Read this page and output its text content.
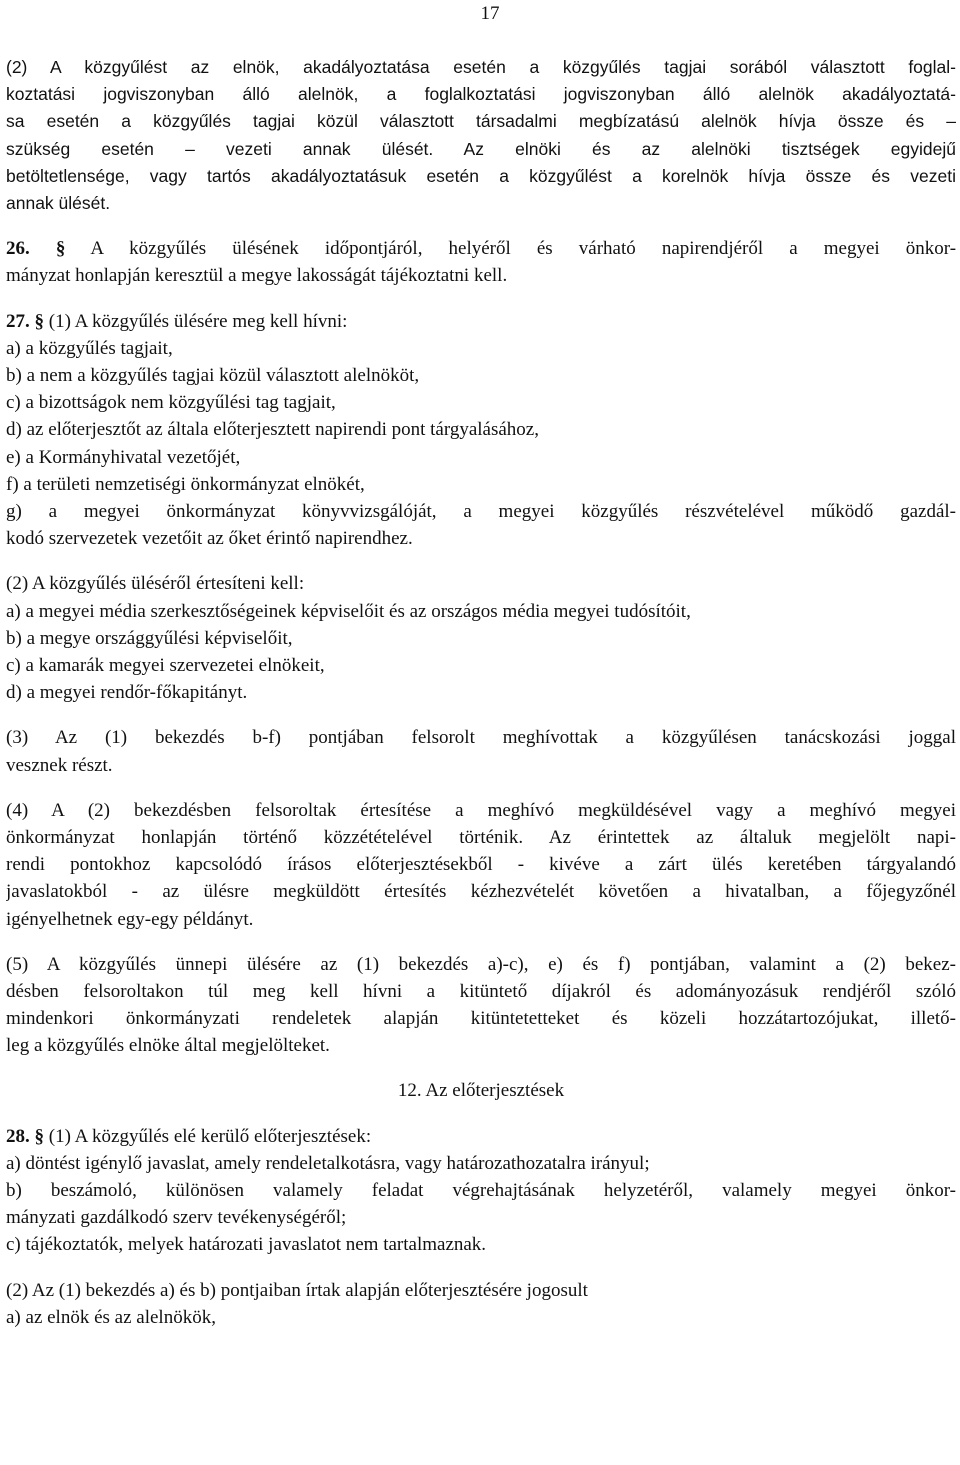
17
(2) A közgyűlést az elnök, akadályoztatása esetén a közgyűlés tagjai sorából választott foglal-
koztatási jogviszonyban álló alelnök, a foglalkoztatási jogviszonyban álló alelnök akadályoztatá-
sa esetén a közgyűlés tagjai közül választott társadalmi megbízatású alelnök hívja össze és –
szükség esetén – vezeti annak ülését. Az elnöki és az alelnöki tisztségek egyidejű
betöltetlensége, vagy tartós akadályoztatásuk esetén a közgyűlést a korelnök hívja össze és vezeti
annak ülését.
26. § A közgyűlés ülésének időpontjáról, helyéről és várható napirendjéről a megyei önkor-
mányzat honlapján keresztül a megye lakosságát tájékoztatni kell.
27. § (1) A közgyűlés ülésére meg kell hívni:
a) a közgyűlés tagjait,
b) a nem a közgyűlés tagjai közül választott alelnököt,
c) a bizottságok nem közgyűlési tag tagjait,
d) az előterjesztőt az általa előterjesztett napirendi pont tárgyalásához,
e) a Kormányhivatal vezetőjét,
f) a területi nemzetiségi önkormányzat elnökét,
g) a megyei önkormányzat könyvvizsgálóját, a megyei közgyűlés részvételével működő gazdál-
kodó szervezetek vezetőit az őket érintő napirendhez.
(2) A közgyűlés üléséről értesíteni kell:
a) a megyei média szerkesztőségeinek képviselőit és az országos média megyei tudósítóit,
b) a megye országgyűlési képviselőit,
c) a kamarák megyei szervezetei elnökeit,
d) a megyei rendőr-főkapitányt.
(3) Az (1) bekezdés b-f) pontjában felsorolt meghívottak a közgyűlésen tanácskozási joggal
vesznek részt.
(4) A (2) bekezdésben felsoroltak értesítése a meghívó megküldésével vagy a meghívó megyei
önkormányzat honlapján történő közzétételével történik. Az érintettek az általuk megjelölt napi-
rendi pontokhoz kapcsolódó írásos előterjesztésekből - kivéve a zárt ülés keretében tárgyalandó
javaslatokból - az ülésre megküldött értesítés kézhezvételét követően a hivatalban, a főjegyzőnél
igényelhetnek egy-egy példányt.
(5) A közgyűlés ünnepi ülésére az (1) bekezdés a)-c), e) és f) pontjában, valamint a (2) bekez-
désben felsoroltakon túl meg kell hívni a kitüntető díjakról és adományozásuk rendjéről szóló
mindenkori önkormányzati rendeletek alapján kitüntetetteket és közeli hozzátartozójukat, illető-
leg a közgyűlés elnöke által megjelölteket.
12. Az előterjesztések
28. § (1) A közgyűlés elé kerülő előterjesztések:
a) döntést igénylő javaslat, amely rendeletalkotásra, vagy határozathozatalra irányul;
b) beszámoló, különösen valamely feladat végrehajtásának helyzetéről, valamely megyei önkor-
mányzati gazdálkodó szerv tevékenységéről;
c) tájékoztatók, melyek határozati javaslatot nem tartalmaznak.
(2) Az (1) bekezdés a) és b) pontjaiban írtak alapján előterjesztésére jogosult
a) az elnök és az alelnökök,
